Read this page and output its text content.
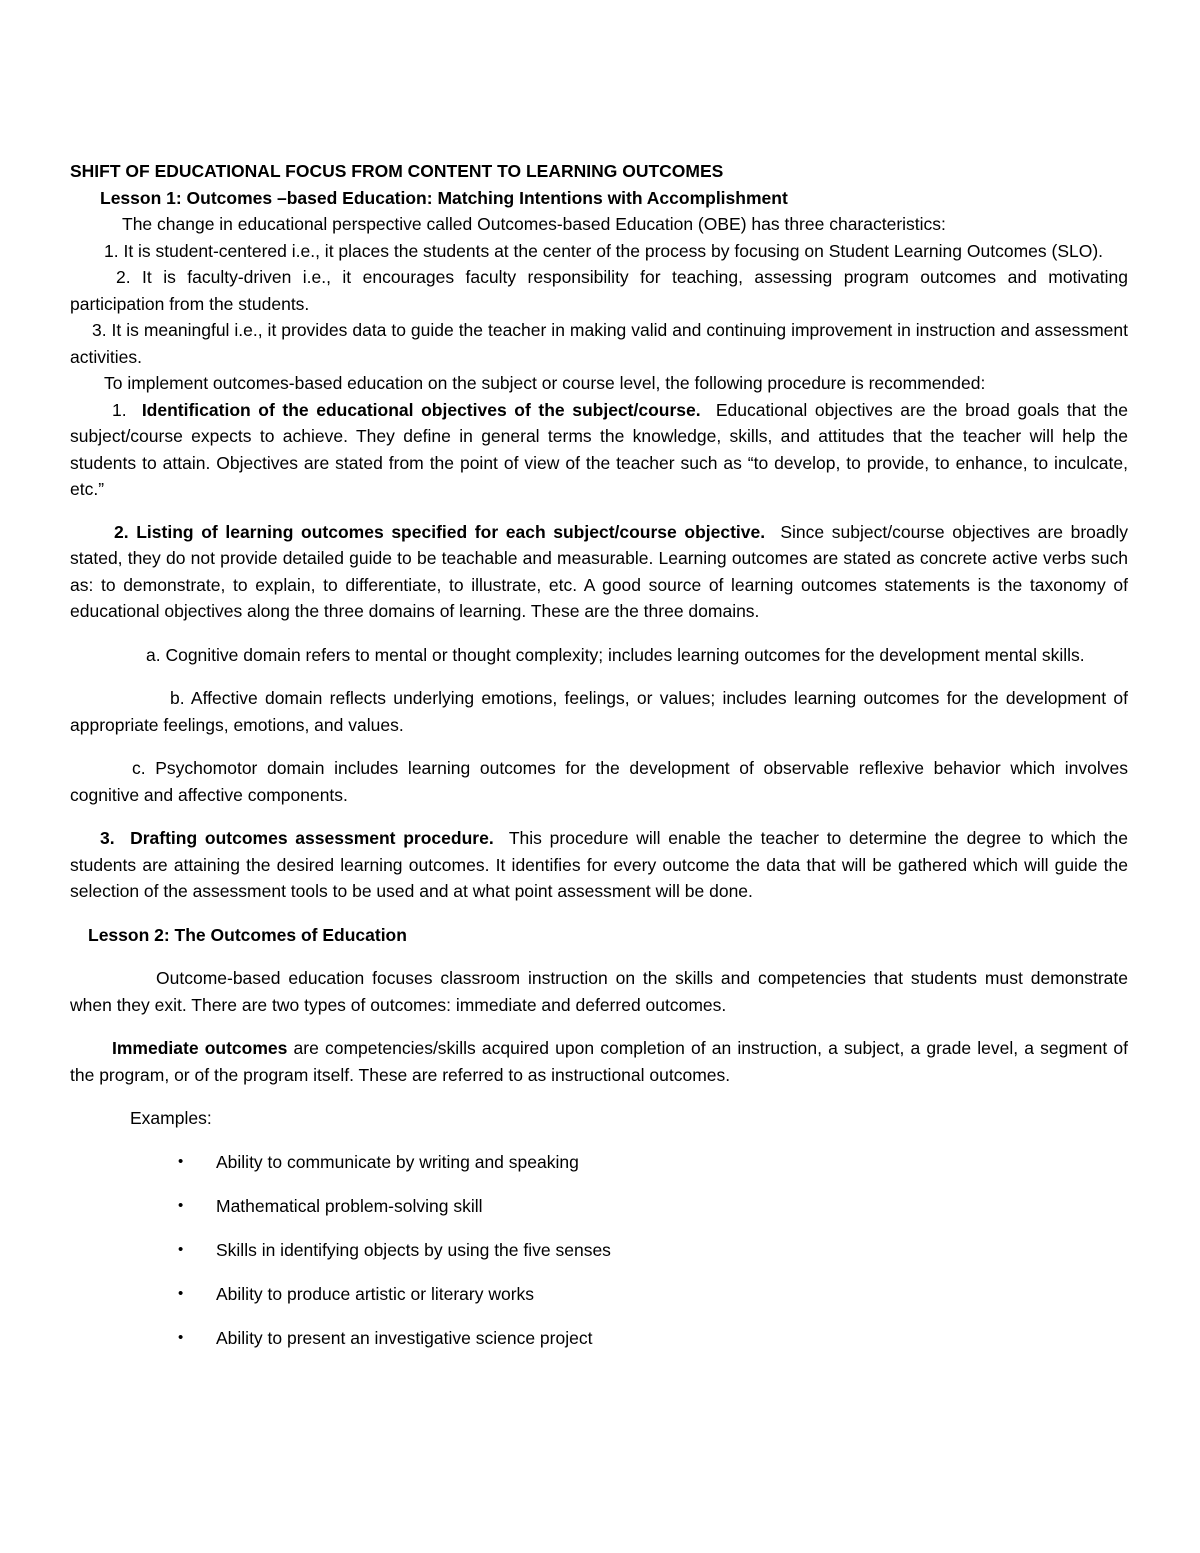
SHIFT OF EDUCATIONAL FOCUS FROM CONTENT TO LEARNING OUTCOMES

Lesson 1: Outcomes –based Education: Matching Intentions with Accomplishment

The change in educational perspective called Outcomes-based Education (OBE) has three characteristics:

1. It is student-centered i.e., it places the students at the center of the process by focusing on Student Learning Outcomes (SLO).

2. It is faculty-driven i.e., it encourages faculty responsibility for teaching, assessing program outcomes and motivating participation from the students.

3. It is meaningful i.e., it provides data to guide the teacher in making valid and continuing improvement in instruction and assessment activities.

To implement outcomes-based education on the subject or course level, the following procedure is recommended:

1. Identification of the educational objectives of the subject/course. Educational objectives are the broad goals that the subject/course expects to achieve. They define in general terms the knowledge, skills, and attitudes that the teacher will help the students to attain. Objectives are stated from the point of view of the teacher such as “to develop, to provide, to enhance, to inculcate, etc.”

2. Listing of learning outcomes specified for each subject/course objective. Since subject/course objectives are broadly stated, they do not provide detailed guide to be teachable and measurable. Learning outcomes are stated as concrete active verbs such as: to demonstrate, to explain, to differentiate, to illustrate, etc. A good source of learning outcomes statements is the taxonomy of educational objectives along the three domains of learning. These are the three domains.

a. Cognitive domain refers to mental or thought complexity; includes learning outcomes for the development mental skills.

b. Affective domain reflects underlying emotions, feelings, or values; includes learning outcomes for the development of appropriate feelings, emotions, and values.

c. Psychomotor domain includes learning outcomes for the development of observable reflexive behavior which involves cognitive and affective components.

3. Drafting outcomes assessment procedure. This procedure will enable the teacher to determine the degree to which the students are attaining the desired learning outcomes. It identifies for every outcome the data that will be gathered which will guide the selection of the assessment tools to be used and at what point assessment will be done.

Lesson 2: The Outcomes of Education

Outcome-based education focuses classroom instruction on the skills and competencies that students must demonstrate when they exit. There are two types of outcomes: immediate and deferred outcomes.

Immediate outcomes are competencies/skills acquired upon completion of an instruction, a subject, a grade level, a segment of the program, or of the program itself. These are referred to as instructional outcomes.

Examples:

• Ability to communicate by writing and speaking
• Mathematical problem-solving skill
• Skills in identifying objects by using the five senses
• Ability to produce artistic or literary works
• Ability to present an investigative science project
